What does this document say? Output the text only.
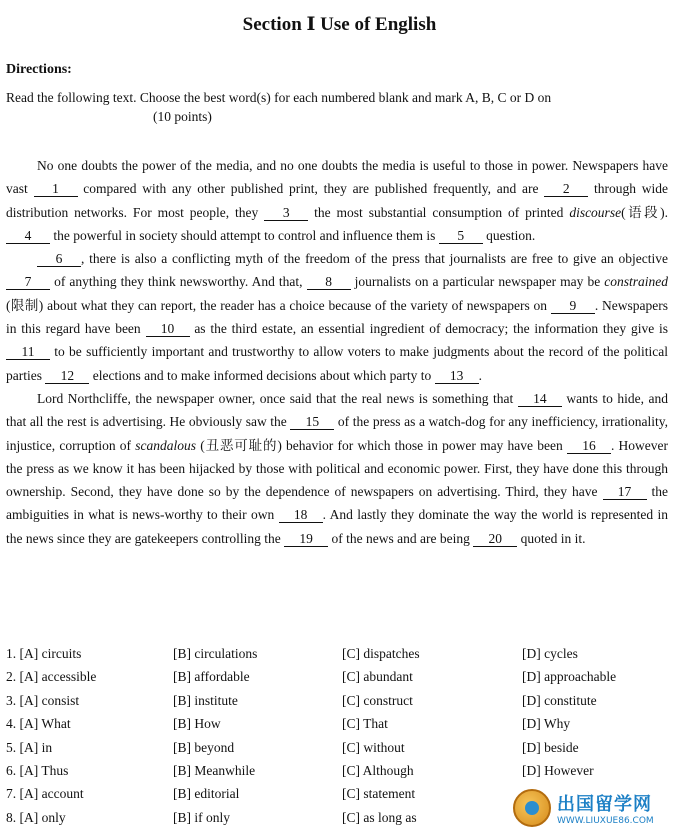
Section Ⅰ Use of English
Directions:
Read the following text. Choose the best word(s) for each numbered blank and mark A, B, C or D on
(10 points)

No one doubts the power of the media, and no one doubts the media is useful to those in power. Newspapers have vast 1 compared with any other published print, they are published frequently, and are 2 through wide distribution networks. For most people, they 3 the most substantial consumption of printed discourse(语段). 4 the powerful in society should attempt to control and influence them is 5 question.

6 , there is also a conflicting myth of the freedom of the press that journalists are free to give an objective 7 of anything they think newsworthy. And that, 8 journalists on a particular newspaper may be constrained (限制) about what they can report, the reader has a choice because of the variety of newspapers on 9 . Newspapers in this regard have been 10 as the third estate, an essential ingredient of democracy; the information they give is 11 to be sufficiently important and trustworthy to allow voters to make judgments about the record of the political parties 12 elections and to make informed decisions about which party to 13 .

Lord Northcliffe, the newspaper owner, once said that the real news is something that 14 wants to hide, and that all the rest is advertising. He obviously saw the 15 of the press as a watch-dog for any inefficiency, irrationality, injustice, corruption of scandalous (丑恶可耻的) behavior for which those in power may have been 16 . However the press as we know it has been hijacked by those with political and economic power. First, they have done this through ownership. Second, they have done so by the dependence of newspapers on advertising. Third, they have 17 the ambiguities in what is news-worthy to their own 18 . And lastly they dominate the way the world is represented in the news since they are gatekeepers controlling the 19 of the news and are being 20 quoted in it.

1. [A] circuits	[B] circulations	[C] dispatches	[D] cycles
2. [A] accessible	[B] affordable	[C] abundant	[D] approachable
3. [A] consist	[B] institute	[C] construct	[D] constitute
4. [A] What	[B] How	[C] That	[D] Why
5. [A] in	[B] beyond	[C] without	[D] beside
6. [A] Thus	[B] Meanwhile	[C] Although	[D] However
7. [A] account	[B] editorial	[C] statement
8. [A] only	[B] if only	[C] as long as
出国留学网
WWW.LIUXUE86.COM
